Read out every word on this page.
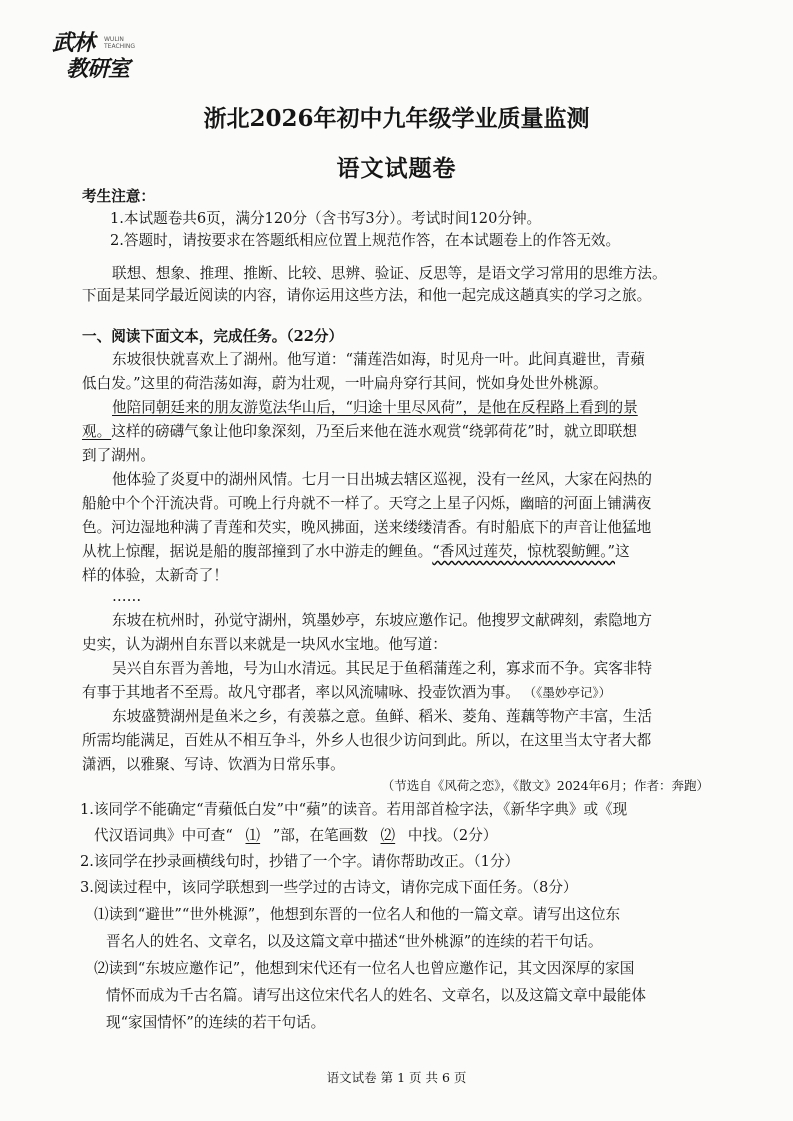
武林 WULIN TEACHING
教研室
浙北2026年初中九年级学业质量监测
语文试题卷
考生注意：
1.本试题卷共6页，满分120分（含书写3分）。考试时间120分钟。
2.答题时，请按要求在答题纸相应位置上规范作答，在本试题卷上的作答无效。
联想、想象、推理、推断、比较、思辨、验证、反思等，是语文学习常用的思维方法。
下面是某同学最近阅读的内容，请你运用这些方法，和他一起完成这趟真实的学习之旅。
一、阅读下面文本，完成任务。（22分）
东坡很快就喜欢上了湖州。他写道：“蒲莲浩如海，时见舟一叶。此间真避世，青蘋
低白发。”这里的荷浩荡如海，蔚为壮观，一叶扁舟穿行其间，恍如身处世外桃源。
他陪同朝廷来的朋友游览法华山后，“归途十里尽风荷”，是他在反程路上看到的景
观。这样的磅礴气象让他印象深刻，乃至后来他在涟水观赏“绕郭荷花”时，就立即联想
到了湖州。
他体验了炎夏中的湖州风情。七月一日出城去辖区巡视，没有一丝风，大家在闷热的
船舱中个个汗流决背。可晚上行舟就不一样了。天穹之上星子闪烁，幽暗的河面上铺满夜
色。河边湿地种满了青莲和芡实，晚风拂面，送来缕缕清香。有时船底下的声音让他猛地
从枕上惊醒，据说是船的腹部撞到了水中游走的鲤鱼。“香风过莲芡，惊枕裂鲂鲤。”这
样的体验，太新奇了！
……
东坡在杭州时，孙觉守湖州，筑墨妙亭，东坡应邀作记。他搜罗文献碑刻，索隐地方
史实，认为湖州自东晋以来就是一块风水宝地。他写道：
吴兴自东晋为善地，号为山水清远。其民足于鱼稻蒲莲之利，寡求而不争。宾客非特
有事于其地者不至焉。故凡守郡者，率以风流啸咏、投壶饮酒为事。 （《墨妙亭记》）
东坡盛赞湖州是鱼米之乡，有羡慕之意。鱼鲜、稻米、菱角、莲藕等物产丰富，生活
所需均能满足，百姓从不相互争斗，外乡人也很少访问到此。所以，在这里当太守者大都
潇洒，以雅聚、写诗、饮酒为日常乐事。
（节选自《风荷之恋》，《散文》2024年6月；作者：奔跑）
1.该同学不能确定“青蘋低白发”中“蘋”的读音。若用部首检字法，《新华字典》或《现
代汉语词典》中可查“ ⑴ ”部，在笔画数 ⑵ 中找。（2分）
2.该同学在抄录画横线句时，抄错了一个字。请你帮助改正。（1分）
3.阅读过程中，该同学联想到一些学过的古诗文，请你完成下面任务。（8分）
⑴读到“避世”“世外桃源”，他想到东晋的一位名人和他的一篇文章。请写出这位东
晋名人的姓名、文章名，以及这篇文章中描述“世外桃源”的连续的若干句话。
⑵读到“东坡应邀作记”，他想到宋代还有一位名人也曾应邀作记，其文因深厚的家国
情怀而成为千古名篇。请写出这位宋代名人的姓名、文章名，以及这篇文章中最能体
现“家国情怀”的连续的若干句话。
语文试卷 第 1 页 共 6 页
